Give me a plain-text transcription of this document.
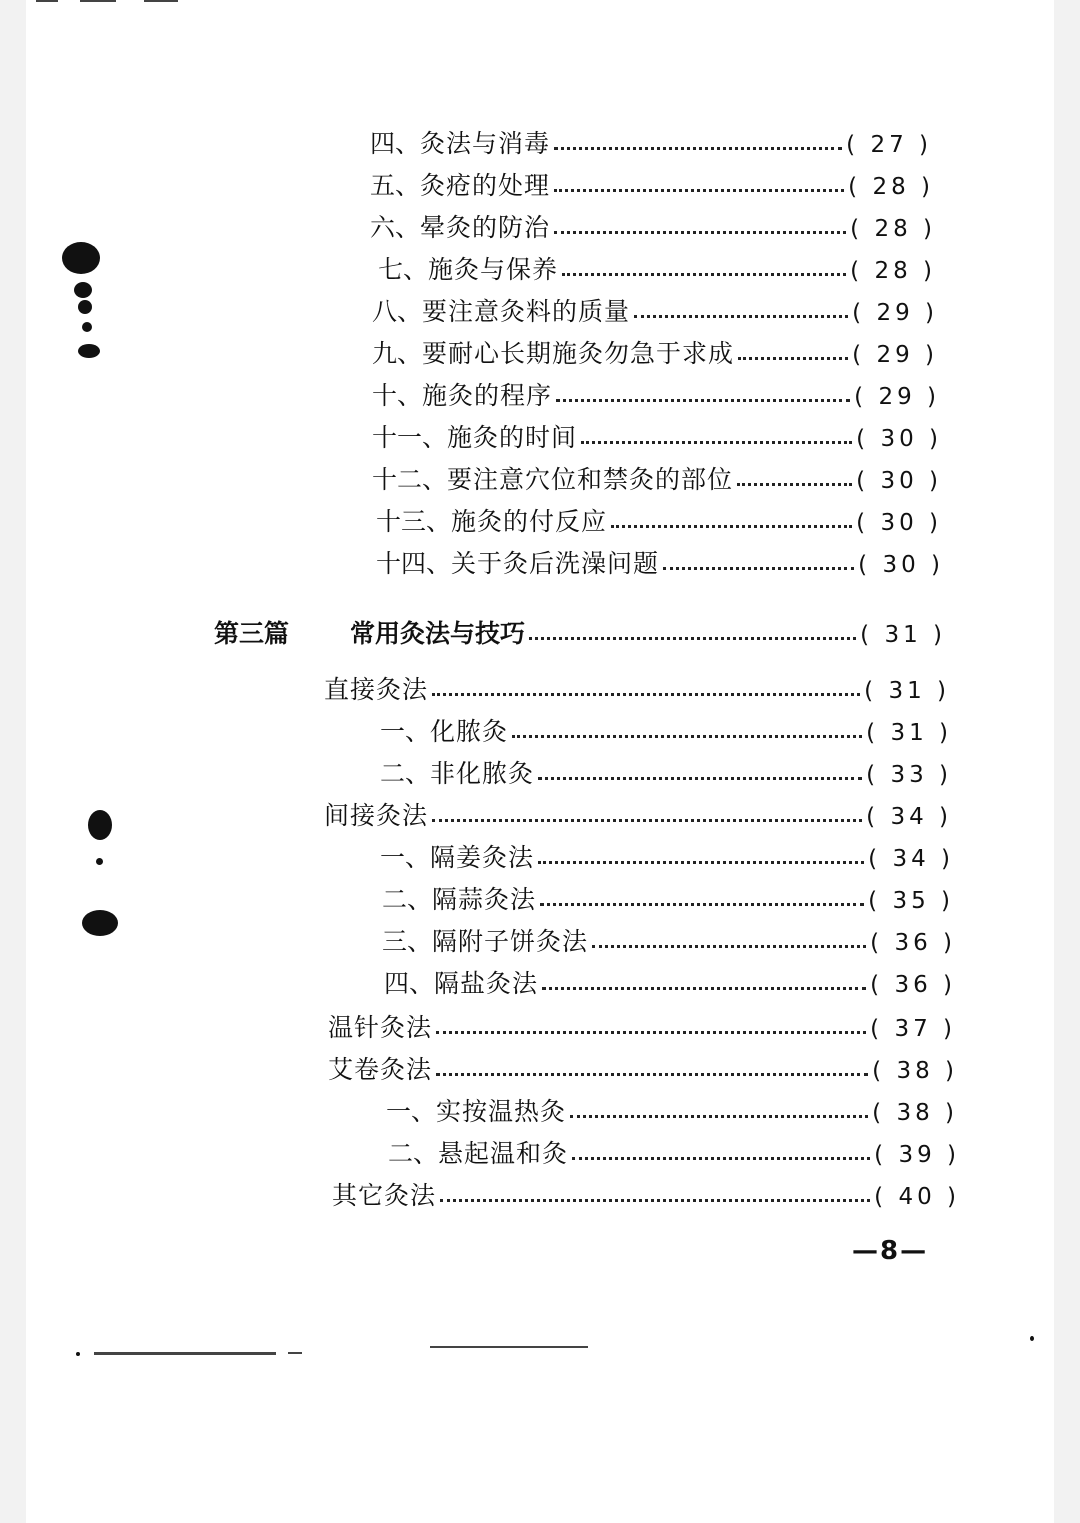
四、 灸法与消毒	( 27 )
五、 灸疮的处理	( 28 )
六、 晕灸的防治	( 28 )
七、 施灸与保养	( 28 )
八、 要注意灸料的质量	( 29 )
九、 要耐心长期施灸勿急于求成	( 29 )
十、 施灸的程序	( 29 )
十一、 施灸的时间	( 30 )
十二、 要注意穴位和禁灸的部位	( 30 )
十三、 施灸的付反应	( 30 )
十四、 关于灸后洗澡问题	( 30 )
第三篇	常用灸法与技巧	( 31 )
直接灸法	( 31 )
一、 化脓灸	( 31 )
二、 非化脓灸	( 33 )
间接灸法	( 34 )
一、 隔姜灸法	( 34 )
二、 隔蒜灸法	( 35 )
三、 隔附子饼灸法	( 36 )
四、 隔盐灸法	( 36 )
温针灸法	( 37 )
艾卷灸法	( 38 )
一、 实按温热灸	( 38 )
二、 悬起温和灸	( 39 )
其它灸法	( 40 )
—8—
